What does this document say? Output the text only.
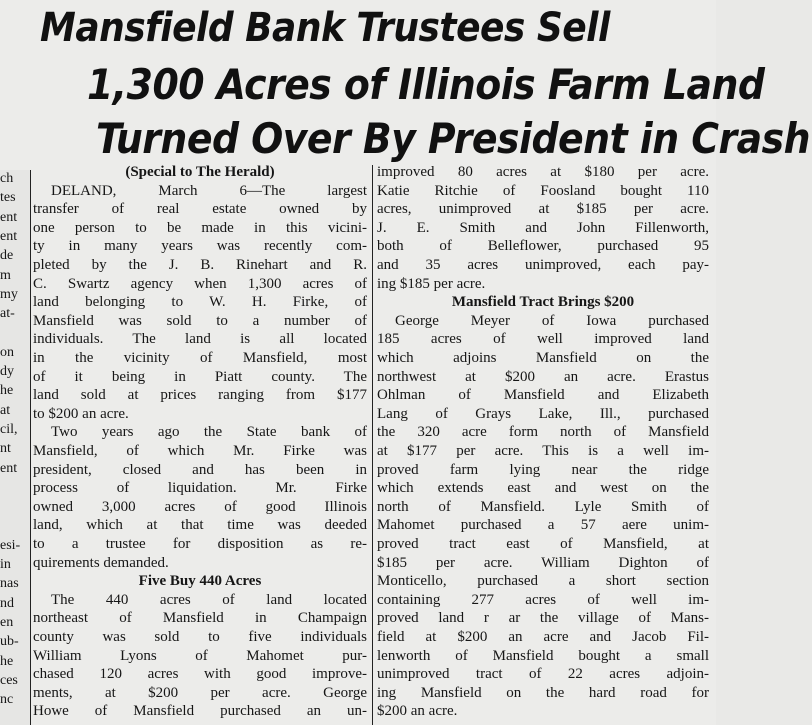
Mansfield Bank Trustees Sell
1,300 Acres of Illinois Farm Land
Turned Over By President in Crash
ch
tes
ent
ent
de
m
my
at-
on
dy
he
at
cil,
nt
ent
esi-
in
nas
nd
en
ub-
he
ces
nc
(Special to The Herald)
DELAND, March 6—The largest
transfer of real estate owned by
one person to be made in this vicini-
ty in many years was recently com-
pleted by the J. B. Rinehart and R.
C. Swartz agency when 1,300 acres of
land belonging to W. H. Firke, of
Mansfield was sold to a number of
individuals. The land is all located
in the vicinity of Mansfield, most
of it being in Piatt county. The
land sold at prices ranging from $177
to $200 an acre.
Two years ago the State bank of
Mansfield, of which Mr. Firke was
president, closed and has been in
process of liquidation. Mr. Firke
owned 3,000 acres of good Illinois
land, which at that time was deeded
to a trustee for disposition as re-
quirements demanded.
Five Buy 440 Acres
The 440 acres of land located
northeast of Mansfield in Champaign
county was sold to five individuals
William Lyons of Mahomet pur-
chased 120 acres with good improve-
ments, at $200 per acre. George
Howe of Mansfield purchased an un-
improved 80 acres at $180 per acre.
Katie Ritchie of Foosland bought 110
acres, unimproved at $185 per acre.
J. E. Smith and John Fillenworth,
both of Belleflower, purchased 95
and 35 acres unimproved, each pay-
ing $185 per acre.
Mansfield Tract Brings $200
George Meyer of Iowa purchased
185 acres of well improved land
which adjoins Mansfield on the
northwest at $200 an acre. Erastus
Ohlman of Mansfield and Elizabeth
Lang of Grays Lake, Ill., purchased
the 320 acre form north of Mansfield
at $177 per acre. This is a well im-
proved farm lying near the ridge
which extends east and west on the
north of Mansfield. Lyle Smith of
Mahomet purchased a 57 aere unim-
proved tract east of Mansfield, at
$185 per acre. William Dighton of
Monticello, purchased a short section
containing 277 acres of well im-
proved land r ar the village of Mans-
field at $200 an acre and Jacob Fil-
lenworth of Mansfield bought a small
unimproved tract of 22 acres adjoin-
ing Mansfield on the hard road for
$200 an acre.
